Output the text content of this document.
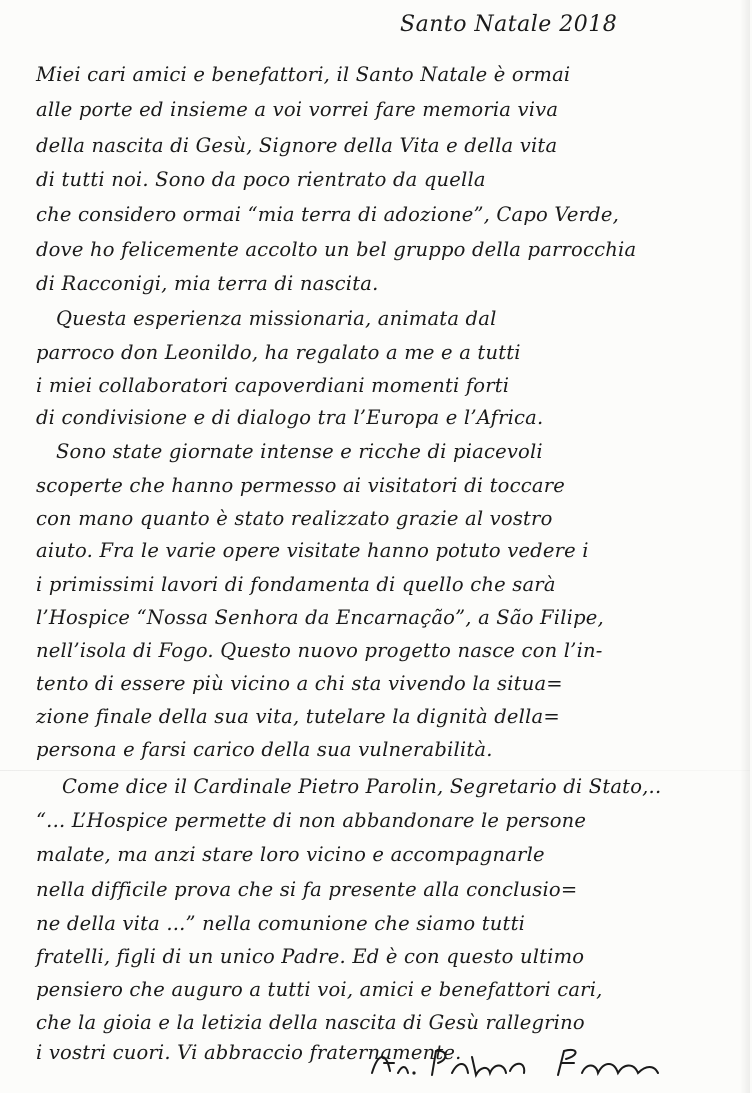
Santo Natale 2018
Miei cari amici e benefattori, il Santo Natale è ormai
alle porte ed insieme a voi vorrei fare memoria viva
della nascita di Gesù, Signore della Vita e della vita
di tutti noi. Sono da poco rientrato da quella
che considero ormai “mia terra di adozione”, Capo Verde,
dove ho felicemente accolto un bel gruppo della parrocchia
di Racconigi, mia terra di nascita.
Questa esperienza missionaria, animata dal
parroco don Leonildo, ha regalato a me e a tutti
i miei collaboratori capoverdiani momenti forti
di condivisione e di dialogo tra l’Europa e l’Africa.
Sono state giornate intense e ricche di piacevoli
scoperte che hanno permesso ai visitatori di toccare
con mano quanto è stato realizzato grazie al vostro
aiuto. Fra le varie opere visitate hanno potuto vedere i
i primissimi lavori di fondamenta di quello che sarà
l’Hospice “Nossa Senhora da Encarnação”, a São Filipe,
nell’isola di Fogo. Questo nuovo progetto nasce con l’in-
tento di essere più vicino a chi sta vivendo la situa=
zione finale della sua vita, tutelare la dignità della=
persona e farsi carico della sua vulnerabilità.
Come dice il Cardinale Pietro Parolin, Segretario di Stato,..
“... L’Hospice permette di non abbandonare le persone
malate, ma anzi stare loro vicino e accompagnarle
nella difficile prova che si fa presente alla conclusio=
ne della vita ...” nella comunione che siamo tutti
fratelli, figli di un unico Padre. Ed è con questo ultimo
pensiero che auguro a tutti voi, amici e benefattori cari,
che la gioia e la letizia della nascita di Gesù rallegrino
i vostri cuori. Vi abbraccio fraternamente.
